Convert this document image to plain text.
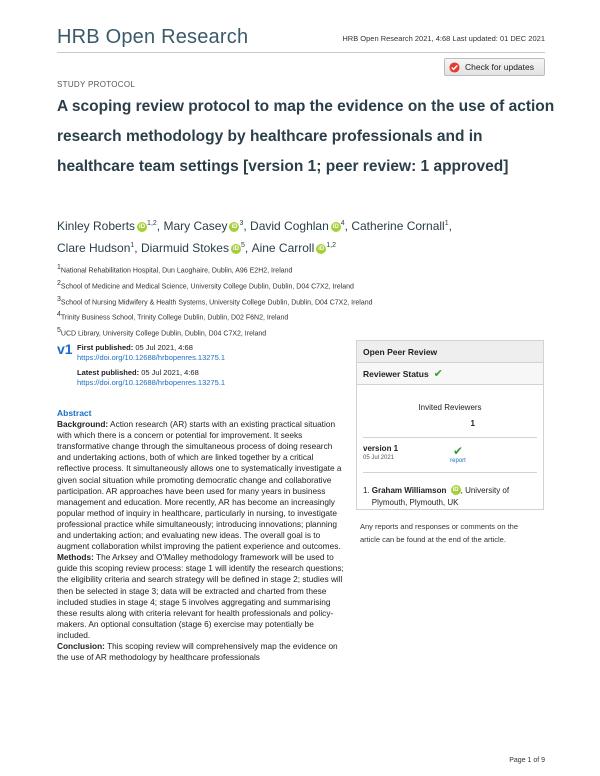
HRB Open Research	HRB Open Research 2021, 4:68 Last updated: 01 DEC 2021
Check for updates
STUDY PROTOCOL
A scoping review protocol to map the evidence on the use of action research methodology by healthcare professionals and in healthcare team settings [version 1; peer review: 1 approved]
Kinley Roberts iD $^{1,2}$, Mary Casey iD $^3$, David Coghlan iD $^4$, Catherine Cornall$^1$,
Clare Hudson$^1$, Diarmuid Stokes iD $^5$, Aine Carroll iD $^{1,2}$
$^1$National Rehabilitation Hospital, Dun Laoghaire, Dublin, A96 E2H2, Ireland
$^2$School of Medicine and Medical Science, University College Dublin, Dublin, D04 C7X2, Ireland
$^3$School of Nursing Midwifery & Health Systems, University College Dublin, Dublin, D04 C7X2, Ireland
$^4$Trinity Business School, Trinity College Dublin, Dublin, D02 F6N2, Ireland
$^5$UCD Library, University College Dublin, Dublin, D04 C7X2, Ireland
v1 First published: 05 Jul 2021, 4:68
https://doi.org/10.12688/hrbopenres.13275.1
Latest published: 05 Jul 2021, 4:68
https://doi.org/10.12688/hrbopenres.13275.1
Abstract
Background: Action research (AR) starts with an existing practical situation with which there is a concern or potential for improvement. It seeks transformative change through the simultaneous process of doing research and undertaking actions, both of which are linked together by a critical reflective process. It simultaneously allows one to systematically investigate a given social situation while promoting democratic change and collaborative participation. AR approaches have been used for many years in business management and education. More recently, AR has become an increasingly popular method of inquiry in healthcare, particularly in nursing, to investigate professional practice while simultaneously; introducing innovations; planning and undertaking action; and evaluating new ideas. The overall goal is to augment collaboration whilst improving the patient experience and outcomes.
Methods: The Arksey and O'Malley methodology framework will be used to guide this scoping review process: stage 1 will identify the research questions; the eligibility criteria and search strategy will be defined in stage 2; studies will then be selected in stage 3; data will be extracted and charted from these included studies in stage 4; stage 5 involves aggregating and summarising these results along with criteria relevant for health professionals and policy-makers. An optional consultation (stage 6) exercise may potentially be included.
Conclusion: This scoping review will comprehensively map the evidence on the use of AR methodology by healthcare professionals
Open Peer Review
Reviewer Status ✔
Invited Reviewers
1
version 1
05 Jul 2021	✔
report
1. Graham Williamson iD , University of Plymouth, Plymouth, UK
Any reports and responses or comments on the article can be found at the end of the article.
Page 1 of 9
